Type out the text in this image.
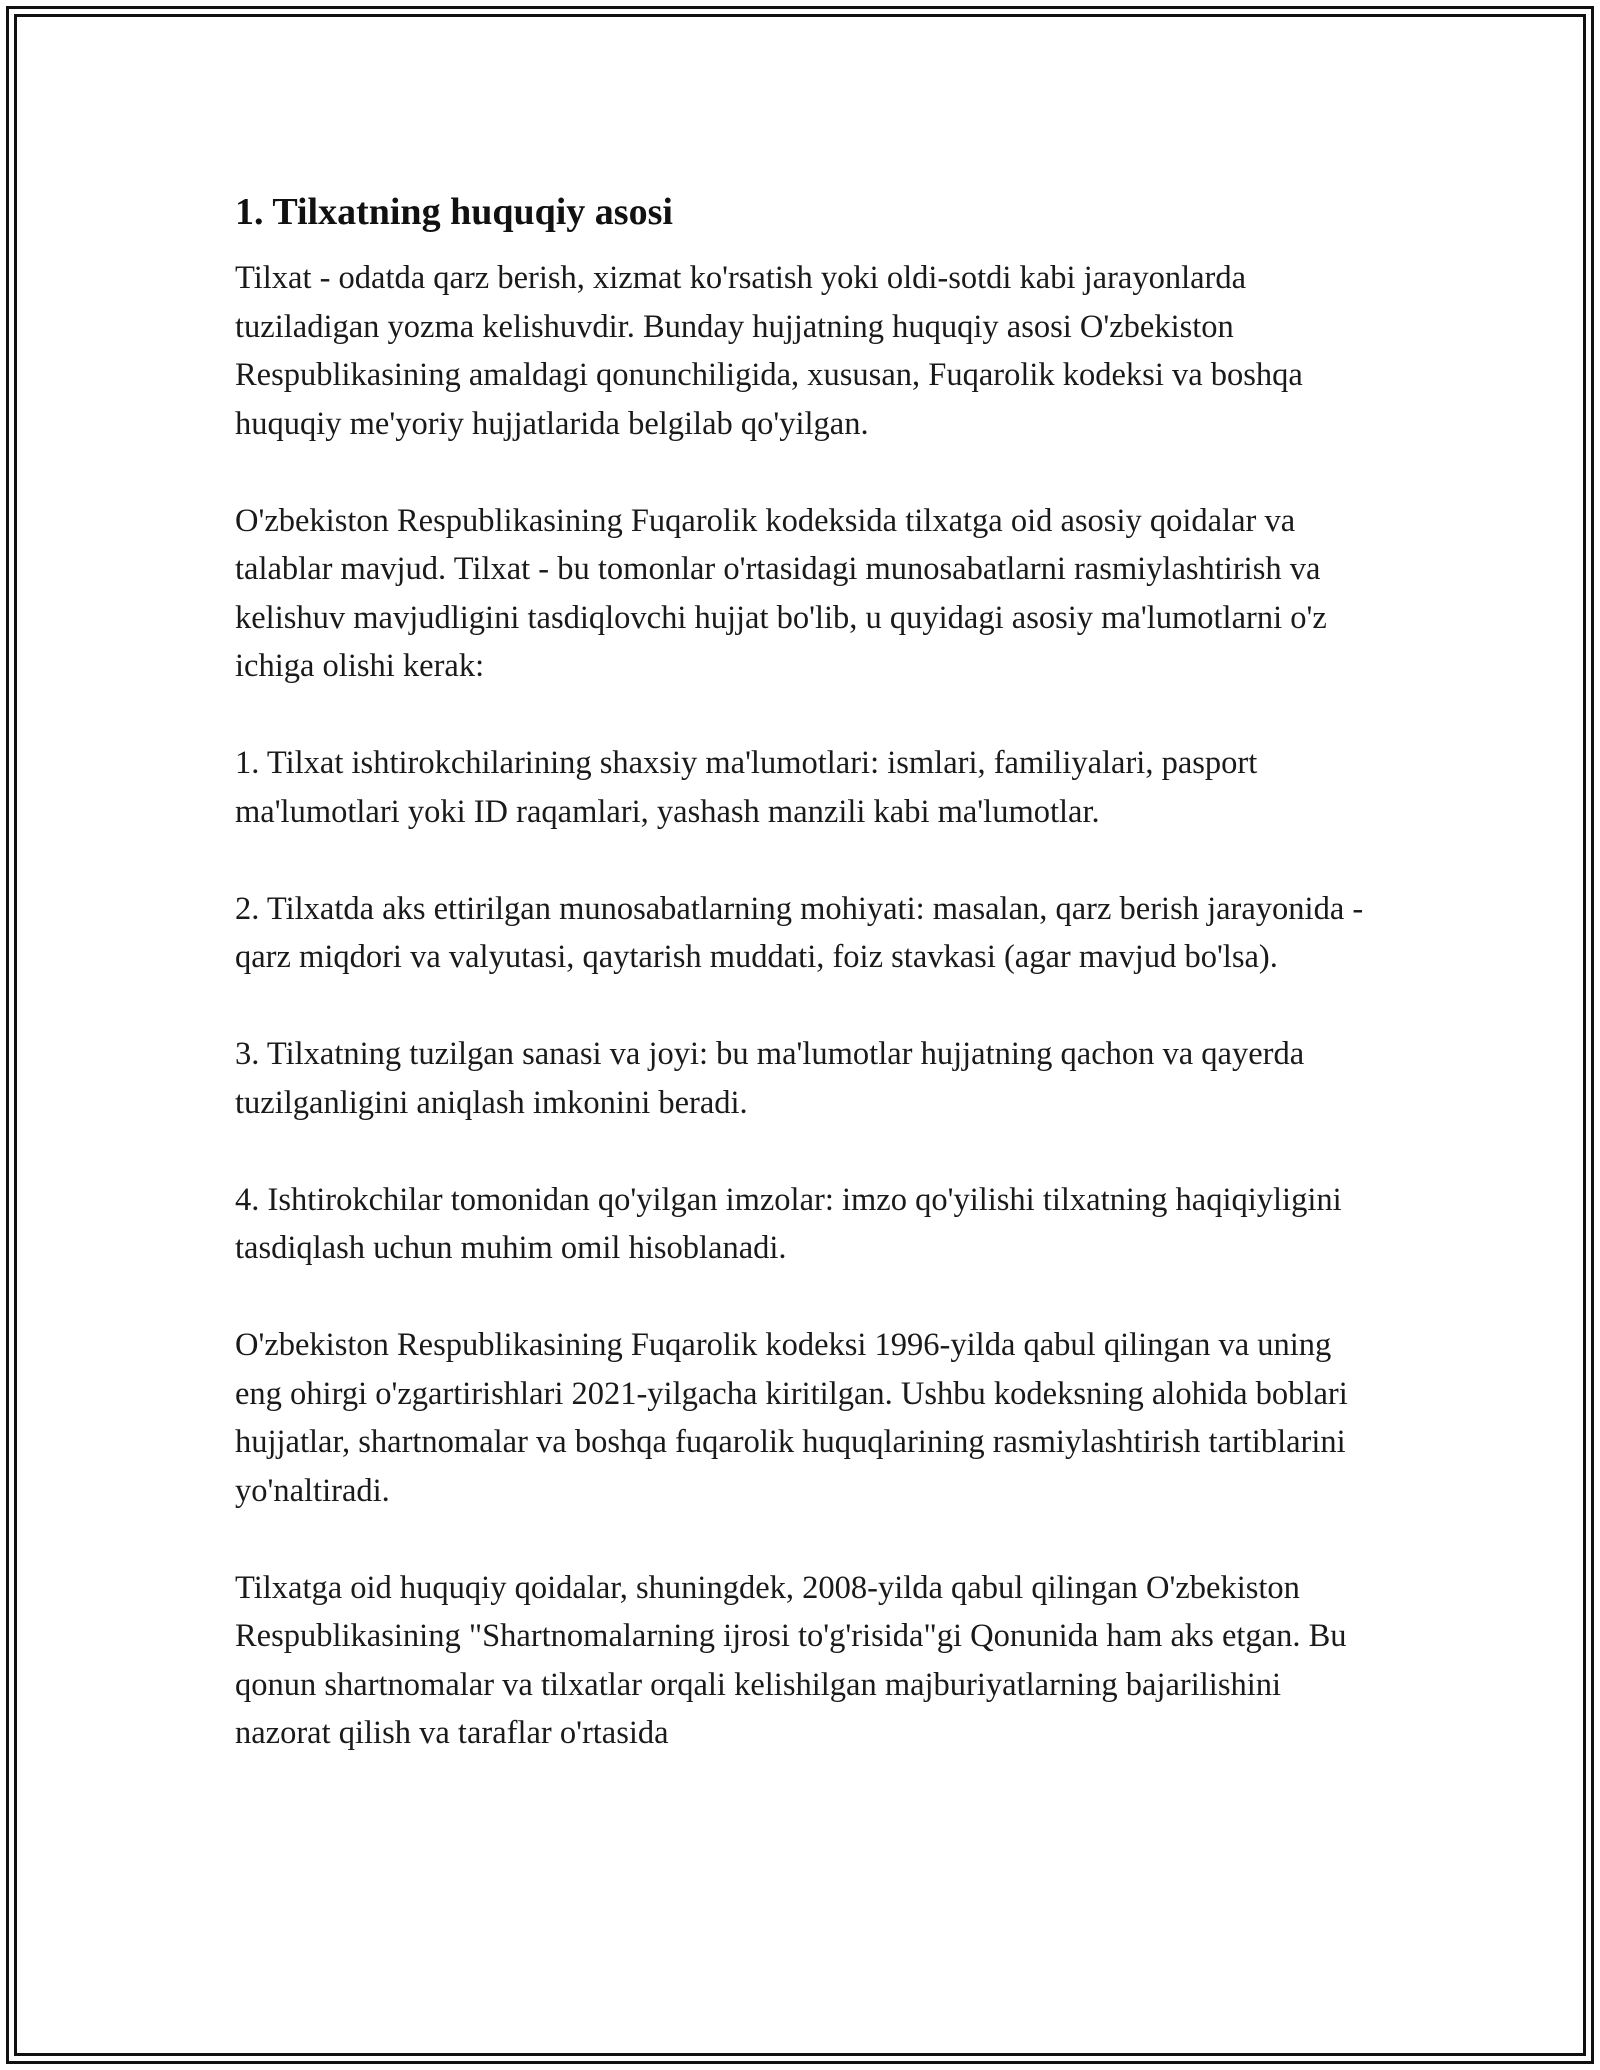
1. Tilxatning huquqiy asosi

Tilxat - odatda qarz berish, xizmat ko'rsatish yoki oldi-sotdi kabi jarayonlarda tuziladigan yozma kelishuvdir. Bunday hujjatning huquqiy asosi O'zbekiston Respublikasining amaldagi qonunchiligida, xususan, Fuqarolik kodeksi va boshqa huquqiy me'yoriy hujjatlarida belgilab qo'yilgan.

O'zbekiston Respublikasining Fuqarolik kodeksida tilxatga oid asosiy qoidalar va talablar mavjud. Tilxat - bu tomonlar o'rtasidagi munosabatlarni rasmiylashtirish va kelishuv mavjudligini tasdiqlovchi hujjat bo'lib, u quyidagi asosiy ma'lumotlarni o'z ichiga olishi kerak:

1. Tilxat ishtirokchilarining shaxsiy ma'lumotlari: ismlari, familiyalari, pasport ma'lumotlari yoki ID raqamlari, yashash manzili kabi ma'lumotlar.

2. Tilxatda aks ettirilgan munosabatlarning mohiyati: masalan, qarz berish jarayonida - qarz miqdori va valyutasi, qaytarish muddati, foiz stavkasi (agar mavjud bo'lsa).

3. Tilxatning tuzilgan sanasi va joyi: bu ma'lumotlar hujjatning qachon va qayerda tuzilganligini aniqlash imkonini beradi.

4. Ishtirokchilar tomonidan qo'yilgan imzolar: imzo qo'yilishi tilxatning haqiqiyligini tasdiqlash uchun muhim omil hisoblanadi.

O'zbekiston Respublikasining Fuqarolik kodeksi 1996-yilda qabul qilingan va uning eng ohirgi o'zgartirishlari 2021-yilgacha kiritilgan. Ushbu kodeksning alohida boblari hujjatlar, shartnomalar va boshqa fuqarolik huquqlarining rasmiylashtirish tartiblarini yo'naltiradi.

Tilxatga oid huquqiy qoidalar, shuningdek, 2008-yilda qabul qilingan O'zbekiston Respublikasining "Shartnomalarning ijrosi to'g'risida"gi Qonunida ham aks etgan. Bu qonun shartnomalar va tilxatlar orqali kelishilgan majburiyatlarning bajarilishini nazorat qilish va taraflar o'rtasida
